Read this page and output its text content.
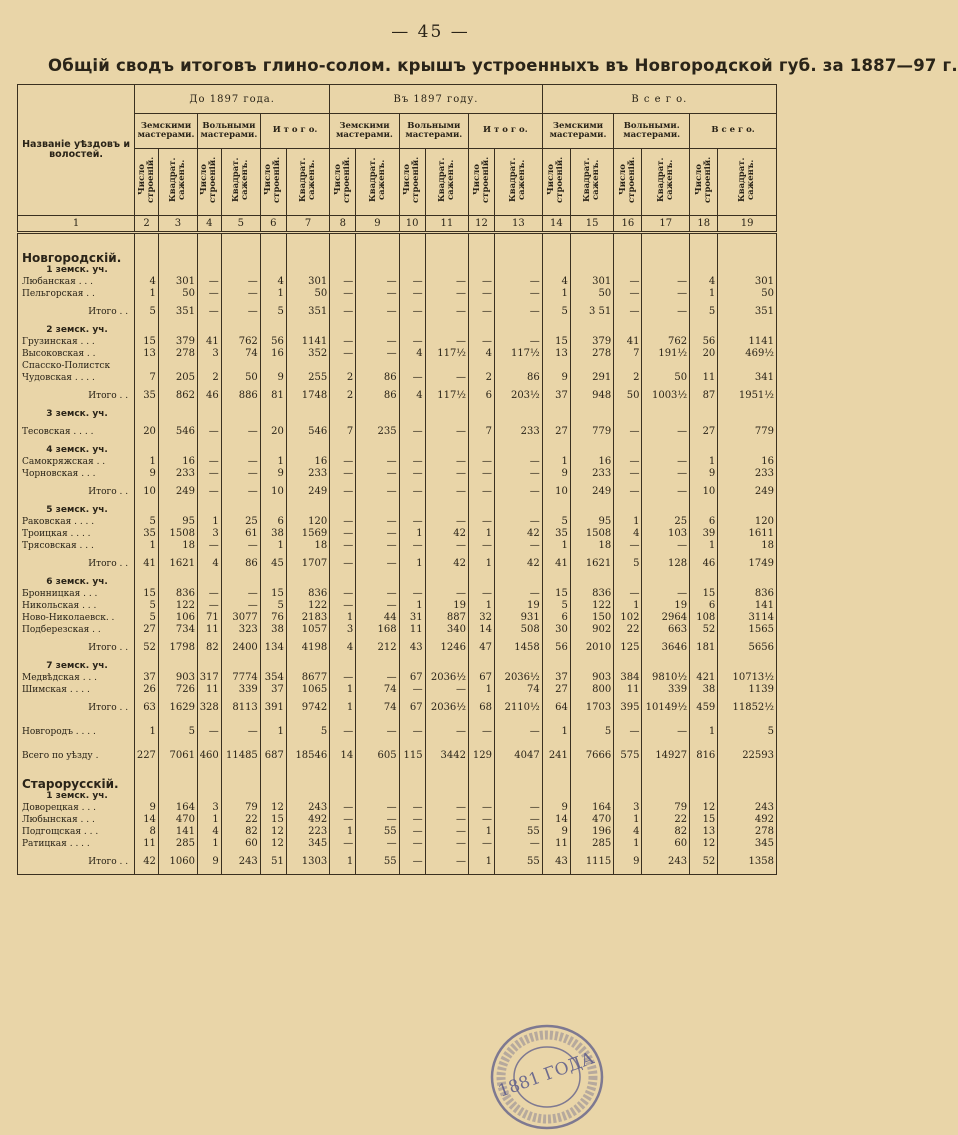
— 45 —
Общій сводъ итоговъ глино-солом. крышъ устроенныхъ въ Новгородской губ. за 1887—97 г.
Названіе уѣздовъ и волостей.	До 1897 года.						Въ 1897 году.						В с е г о.					
	Земскими мастерами.		Вольными мастерами.		И т о г о.		Земскими мастерами.		Вольными мастерами.		И т о г о.		Земскими мастерами.		Вольными. мастерами.		В с е г о.	
	Число строеній.	Квадрат. саженъ.	Число строеній.	Квадрат. саженъ.	Число строеній.	Квадрат. саженъ.	Число строеній.	Квадрат. саженъ.	Число строеній.	Квадрат. саженъ.	Число строеній.	Квадрат. саженъ.	Число строеній.	Квадрат. саженъ.	Число строеній.	Квадрат. саженъ.	Число строеній.	Квадрат. саженъ.
1	2	3	4	5	6	7	8	9	10	11	12	13	14	15	16	17	18	19

Новгородскій.																		
1 земск. уч.																		
Любанская . . .	4	301	—	—	4	301	—	—	—	—	—	—	4	301	—	—	4	301
Пельгорская . .	1	50	—	—	1	50	—	—	—	—	—	—	1	50	—	—	1	50
Итого . .	5	351	—	—	5	351	—	—	—	—	—	—	5	3 51	—	—	5	351
2 земск. уч.																		
Грузинская . . .	15	379	41	762	56	1141	—	—	—	—	—	—	15	379	41	762	56	1141
Высоковская . .	13	278	3	74	16	352	—	—	4	117½	4	117½	13	278	7	191½	20	469½
Спасско-Полистск																		
Чудовская . . . .	7	205	2	50	9	255	2	86	—	—	2	86	9	291	2	50	11	341
Итого . .	35	862	46	886	81	1748	2	86	4	117½	6	203½	37	948	50	1003½	87	1951½
3 земск. уч.																		
Тесовская . . . .	20	546	—	—	20	546	7	235	—	—	7	233	27	779	—	—	27	779
4 земск. уч.																		
Самокряжская . .	1	16	—	—	1	16	—	—	—	—	—	—	1	16	—	—	1	16
Чорновская . . .	9	233	—	—	9	233	—	—	—	—	—	—	9	233	—	—	9	233
Итого . .	10	249	—	—	10	249	—	—	—	—	—	—	10	249	—	—	10	249
5 земск. уч.																		
Раковская . . . .	5	95	1	25	6	120	—	—	—	—	—	—	5	95	1	25	6	120
Троицкая . . . .	35	1508	3	61	38	1569	—	—	1	42	1	42	35	1508	4	103	39	1611
Трясовская . . .	1	18	—	—	1	18	—	—	—	—	—	—	1	18	—	—	1	18
Итого . .	41	1621	4	86	45	1707	—	—	1	42	1	42	41	1621	5	128	46	1749
6 земск. уч.																		
Бронницкая . . .	15	836	—	—	15	836	—	—	—	—	—	—	15	836	—	—	15	836
Никольская . . .	5	122	—	—	5	122	—	—	1	19	1	19	5	122	1	19	6	141
Ново-Николаевск. .	5	106	71	3077	76	2183	1	44	31	887	32	931	6	150	102	2964	108	3114
Подберезская . .	27	734	11	323	38	1057	3	168	11	340	14	508	30	902	22	663	52	1565
Итого . .	52	1798	82	2400	134	4198	4	212	43	1246	47	1458	56	2010	125	3646	181	5656
7 земск. уч.																		
Медвѣдская . . .	37	903	317	7774	354	8677	—	—	67	2036½	67	2036½	37	903	384	9810½	421	10713½
Шимская . . . .	26	726	11	339	37	1065	1	74	—	—	1	74	27	800	11	339	38	1139
Итого . .	63	1629	328	8113	391	9742	1	74	67	2036½	68	2110½	64	1703	395	10149½	459	11852½
Новгородъ . . . .	1	5	—	—	1	5	—	—	—	—	—	—	1	5	—	—	1	5
Всего по уѣзду .	227	7061	460	11485	687	18546	14	605	115	3442	129	4047	241	7666	575	14927	816	22593
Старорусскій.																		
1 земск. уч.																		
Доворецкая . . .	9	164	3	79	12	243	—	—	—	—	—	—	9	164	3	79	12	243
Любынская . . .	14	470	1	22	15	492	—	—	—	—	—	—	14	470	1	22	15	492
Подгощская . . .	8	141	4	82	12	223	1	55	—	—	1	55	9	196	4	82	13	278
Ратицкая . . . .	11	285	1	60	12	345	—	—	—	—	—	—	11	285	1	60	12	345
Итого . .	42	1060	9	243	51	1303	1	55	—	—	1	55	43	1115	9	243	52	1358
1881 ГОДА
